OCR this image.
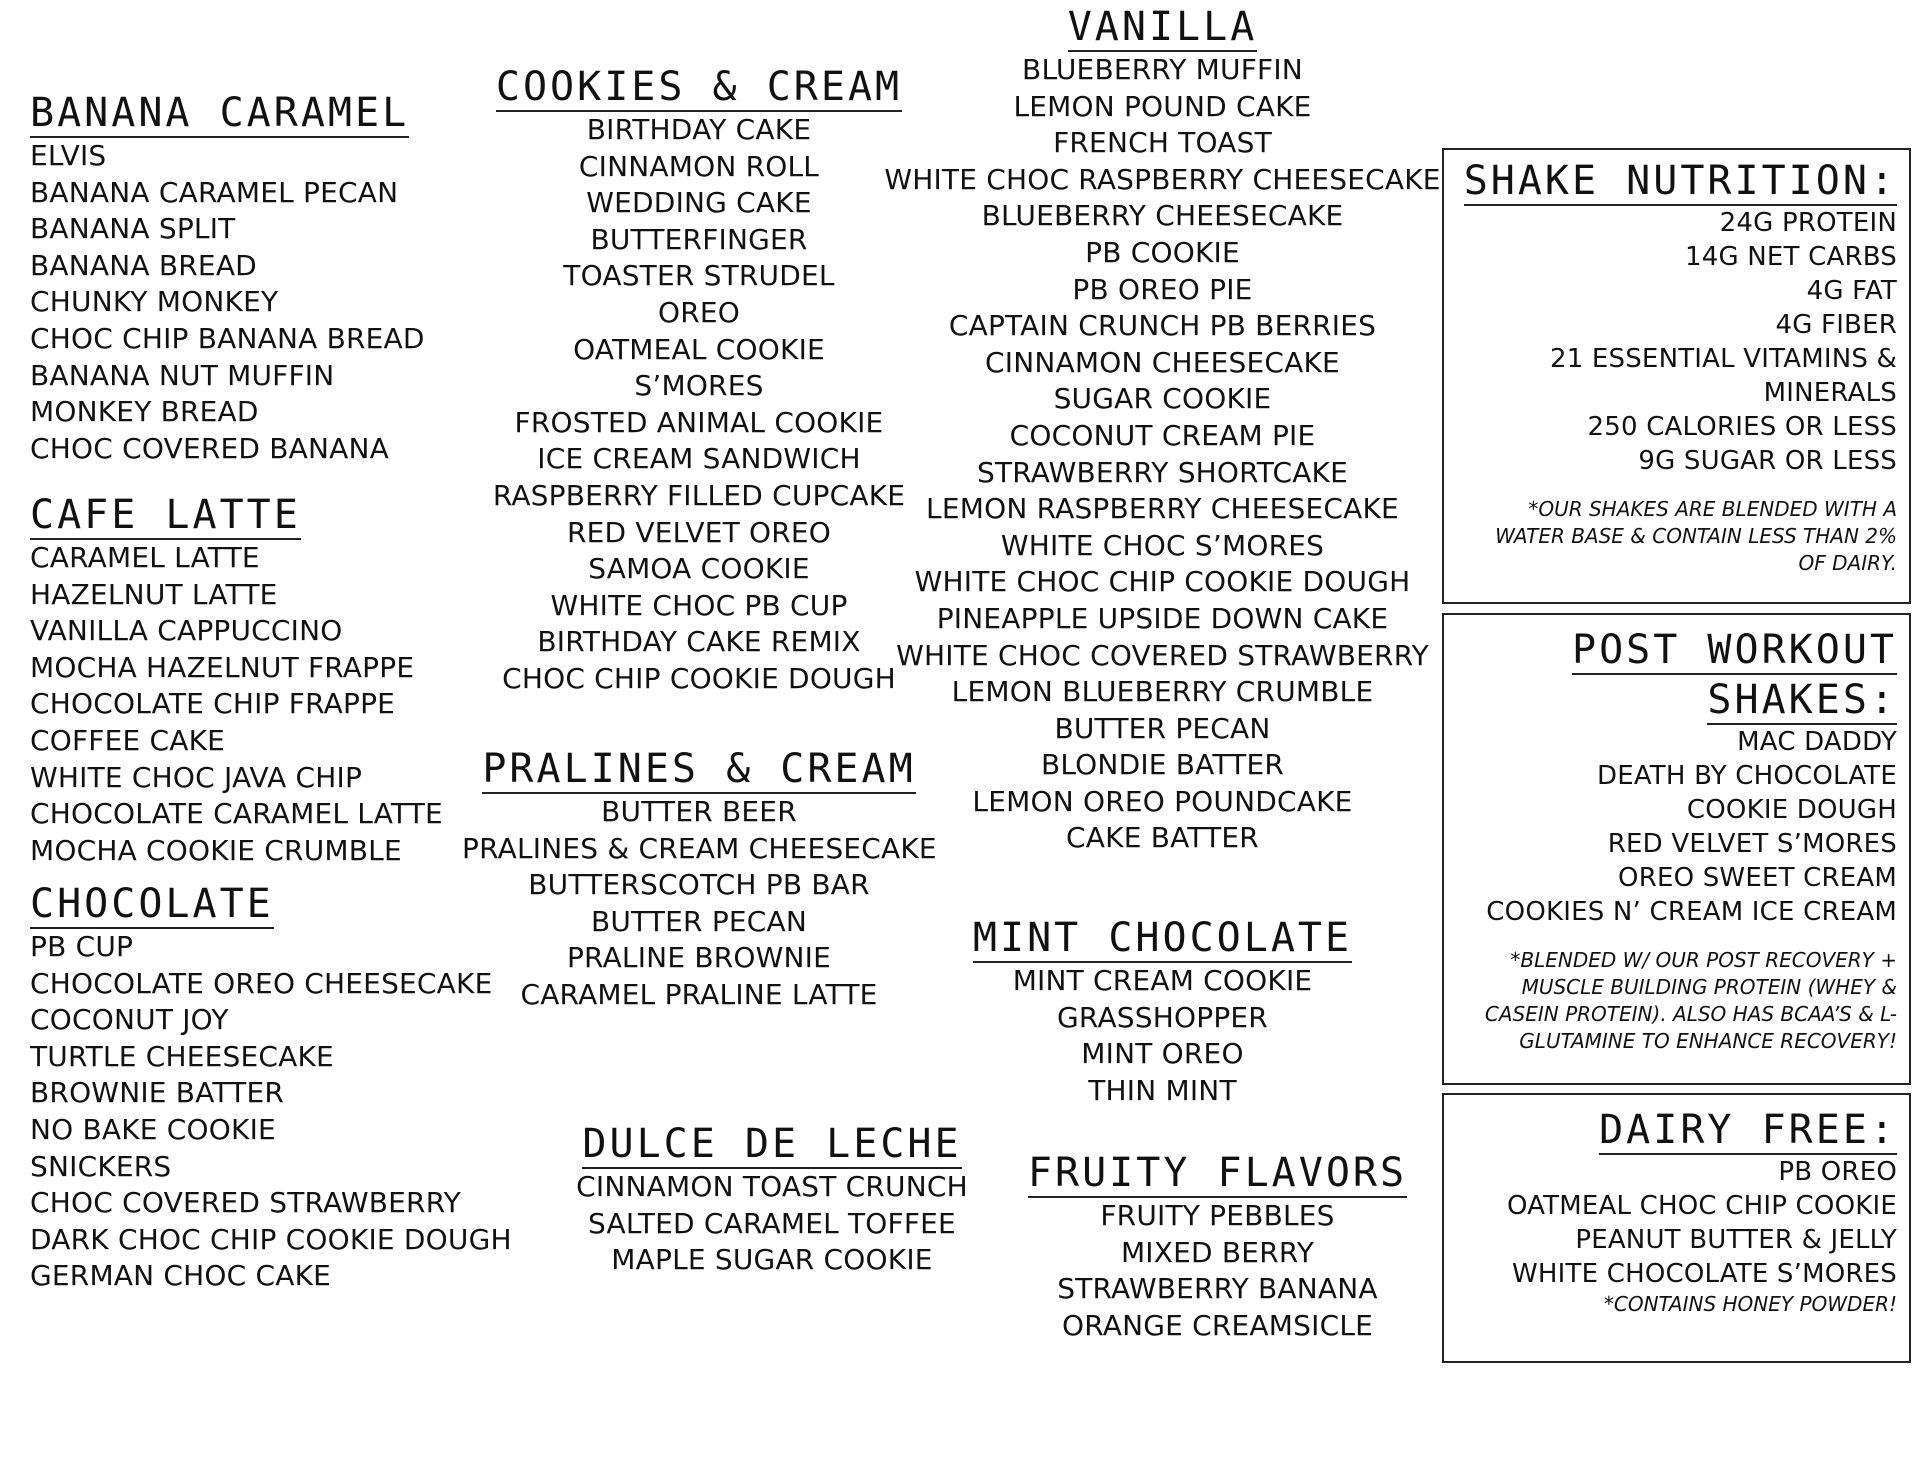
BANANA CARAMEL
ELVIS
BANANA CARAMEL PECAN
BANANA SPLIT
BANANA BREAD
CHUNKY MONKEY
CHOC CHIP BANANA BREAD
BANANA NUT MUFFIN
MONKEY BREAD
CHOC COVERED BANANA
CAFE LATTE
CARAMEL LATTE
HAZELNUT LATTE
VANILLA CAPPUCCINO
MOCHA HAZELNUT FRAPPE
CHOCOLATE CHIP FRAPPE
COFFEE CAKE
WHITE CHOC JAVA CHIP
CHOCOLATE CARAMEL LATTE
MOCHA COOKIE CRUMBLE
CHOCOLATE
PB CUP
CHOCOLATE OREO CHEESECAKE
COCONUT JOY
TURTLE CHEESECAKE
BROWNIE BATTER
NO BAKE COOKIE
SNICKERS
CHOC COVERED STRAWBERRY
DARK CHOC CHIP COOKIE DOUGH
GERMAN CHOC CAKE
COOKIES & CREAM
BIRTHDAY CAKE
CINNAMON ROLL
WEDDING CAKE
BUTTERFINGER
TOASTER STRUDEL
OREO
OATMEAL COOKIE
S’MORES
FROSTED ANIMAL COOKIE
ICE CREAM SANDWICH
RASPBERRY FILLED CUPCAKE
RED VELVET OREO
SAMOA COOKIE
WHITE CHOC PB CUP
BIRTHDAY CAKE REMIX
CHOC CHIP COOKIE DOUGH
PRALINES & CREAM
BUTTER BEER
PRALINES & CREAM CHEESECAKE
BUTTERSCOTCH PB BAR
BUTTER PECAN
PRALINE BROWNIE
CARAMEL PRALINE LATTE
DULCE DE LECHE
CINNAMON TOAST CRUNCH
SALTED CARAMEL TOFFEE
MAPLE SUGAR COOKIE
VANILLA
BLUEBERRY MUFFIN
LEMON POUND CAKE
FRENCH TOAST
WHITE CHOC RASPBERRY CHEESECAKE
BLUEBERRY CHEESECAKE
PB COOKIE
PB OREO PIE
CAPTAIN CRUNCH PB BERRIES
CINNAMON CHEESECAKE
SUGAR COOKIE
COCONUT CREAM PIE
STRAWBERRY SHORTCAKE
LEMON RASPBERRY CHEESECAKE
WHITE CHOC S’MORES
WHITE CHOC CHIP COOKIE DOUGH
PINEAPPLE UPSIDE DOWN CAKE
WHITE CHOC COVERED STRAWBERRY
LEMON BLUEBERRY CRUMBLE
BUTTER PECAN
BLONDIE BATTER
LEMON OREO POUNDCAKE
CAKE BATTER
MINT CHOCOLATE
MINT CREAM COOKIE
GRASSHOPPER
MINT OREO
THIN MINT
FRUITY FLAVORS
FRUITY PEBBLES
MIXED BERRY
STRAWBERRY BANANA
ORANGE CREAMSICLE
SHAKE NUTRITION:
24G PROTEIN
14G NET CARBS
4G FAT
4G FIBER
21 ESSENTIAL VITAMINS &
MINERALS
250 CALORIES OR LESS
9G SUGAR OR LESS
*OUR SHAKES ARE BLENDED WITH A
WATER BASE & CONTAIN LESS THAN 2%
OF DAIRY.
POST WORKOUT
SHAKES:
MAC DADDY
DEATH BY CHOCOLATE
COOKIE DOUGH
RED VELVET S’MORES
OREO SWEET CREAM
COOKIES N’ CREAM ICE CREAM
*BLENDED W/ OUR POST RECOVERY +
MUSCLE BUILDING PROTEIN (WHEY &
CASEIN PROTEIN). ALSO HAS BCAA’S & L-
GLUTAMINE TO ENHANCE RECOVERY!
DAIRY FREE:
PB OREO
OATMEAL CHOC CHIP COOKIE
PEANUT BUTTER & JELLY
WHITE CHOCOLATE S’MORES
*CONTAINS HONEY POWDER!
